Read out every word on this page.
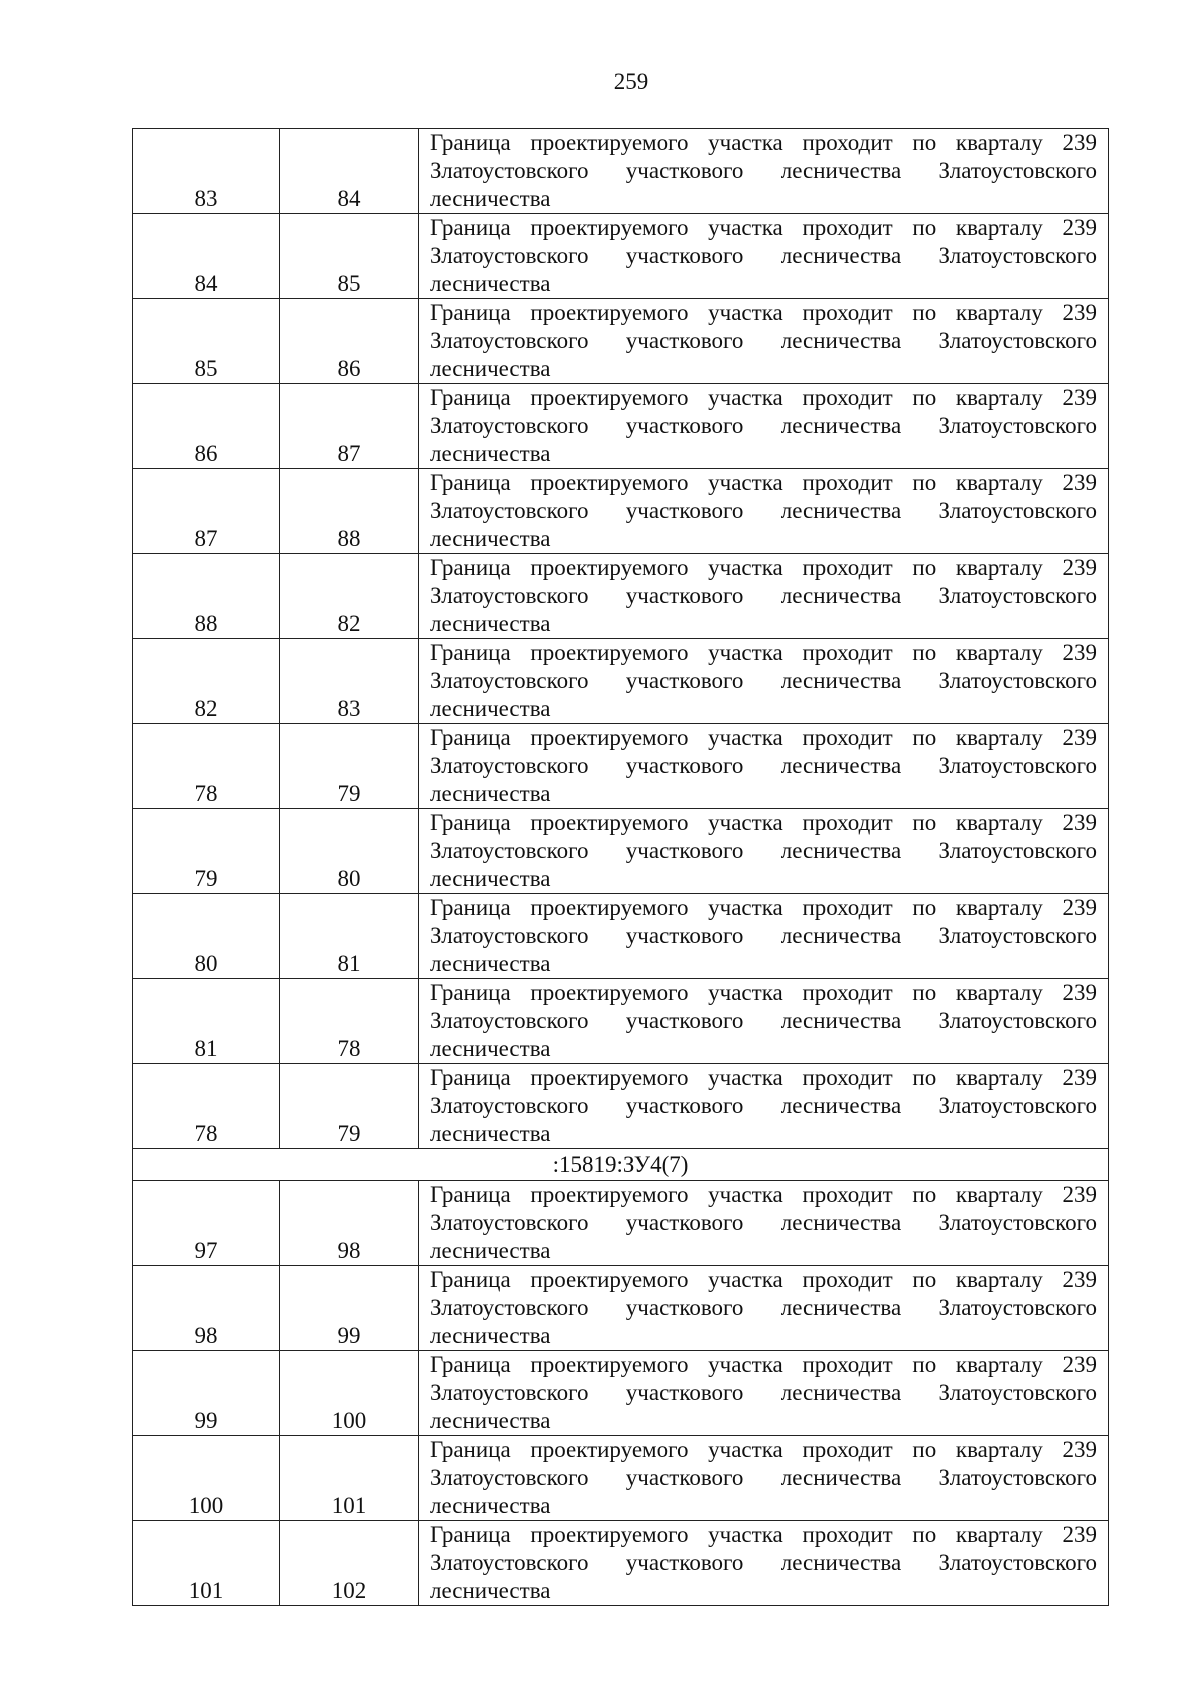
259
83	84	Граница проектируемого участка проходит по кварталу 239
Златоустовского участкового лесничества Златоустовского
лесничества

84	85	Граница проектируемого участка проходит по кварталу 239
Златоустовского участкового лесничества Златоустовского
лесничества

85	86	Граница проектируемого участка проходит по кварталу 239
Златоустовского участкового лесничества Златоустовского
лесничества

86	87	Граница проектируемого участка проходит по кварталу 239
Златоустовского участкового лесничества Златоустовского
лесничества

87	88	Граница проектируемого участка проходит по кварталу 239
Златоустовского участкового лесничества Златоустовского
лесничества

88	82	Граница проектируемого участка проходит по кварталу 239
Златоустовского участкового лесничества Златоустовского
лесничества

82	83	Граница проектируемого участка проходит по кварталу 239
Златоустовского участкового лесничества Златоустовского
лесничества

78	79	Граница проектируемого участка проходит по кварталу 239
Златоустовского участкового лесничества Златоустовского
лесничества

79	80	Граница проектируемого участка проходит по кварталу 239
Златоустовского участкового лесничества Златоустовского
лесничества

80	81	Граница проектируемого участка проходит по кварталу 239
Златоустовского участкового лесничества Златоустовского
лесничества

81	78	Граница проектируемого участка проходит по кварталу 239
Златоустовского участкового лесничества Златоустовского
лесничества

78	79	Граница проектируемого участка проходит по кварталу 239
Златоустовского участкового лесничества Златоустовского
лесничества

:15819:ЗУ4(7)		
97	98	Граница проектируемого участка проходит по кварталу 239
Златоустовского участкового лесничества Златоустовского
лесничества

98	99	Граница проектируемого участка проходит по кварталу 239
Златоустовского участкового лесничества Златоустовского
лесничества

99	100	Граница проектируемого участка проходит по кварталу 239
Златоустовского участкового лесничества Златоустовского
лесничества

100	101	Граница проектируемого участка проходит по кварталу 239
Златоустовского участкового лесничества Златоустовского
лесничества

101	102	Граница проектируемого участка проходит по кварталу 239
Златоустовского участкового лесничества Златоустовского
лесничества
